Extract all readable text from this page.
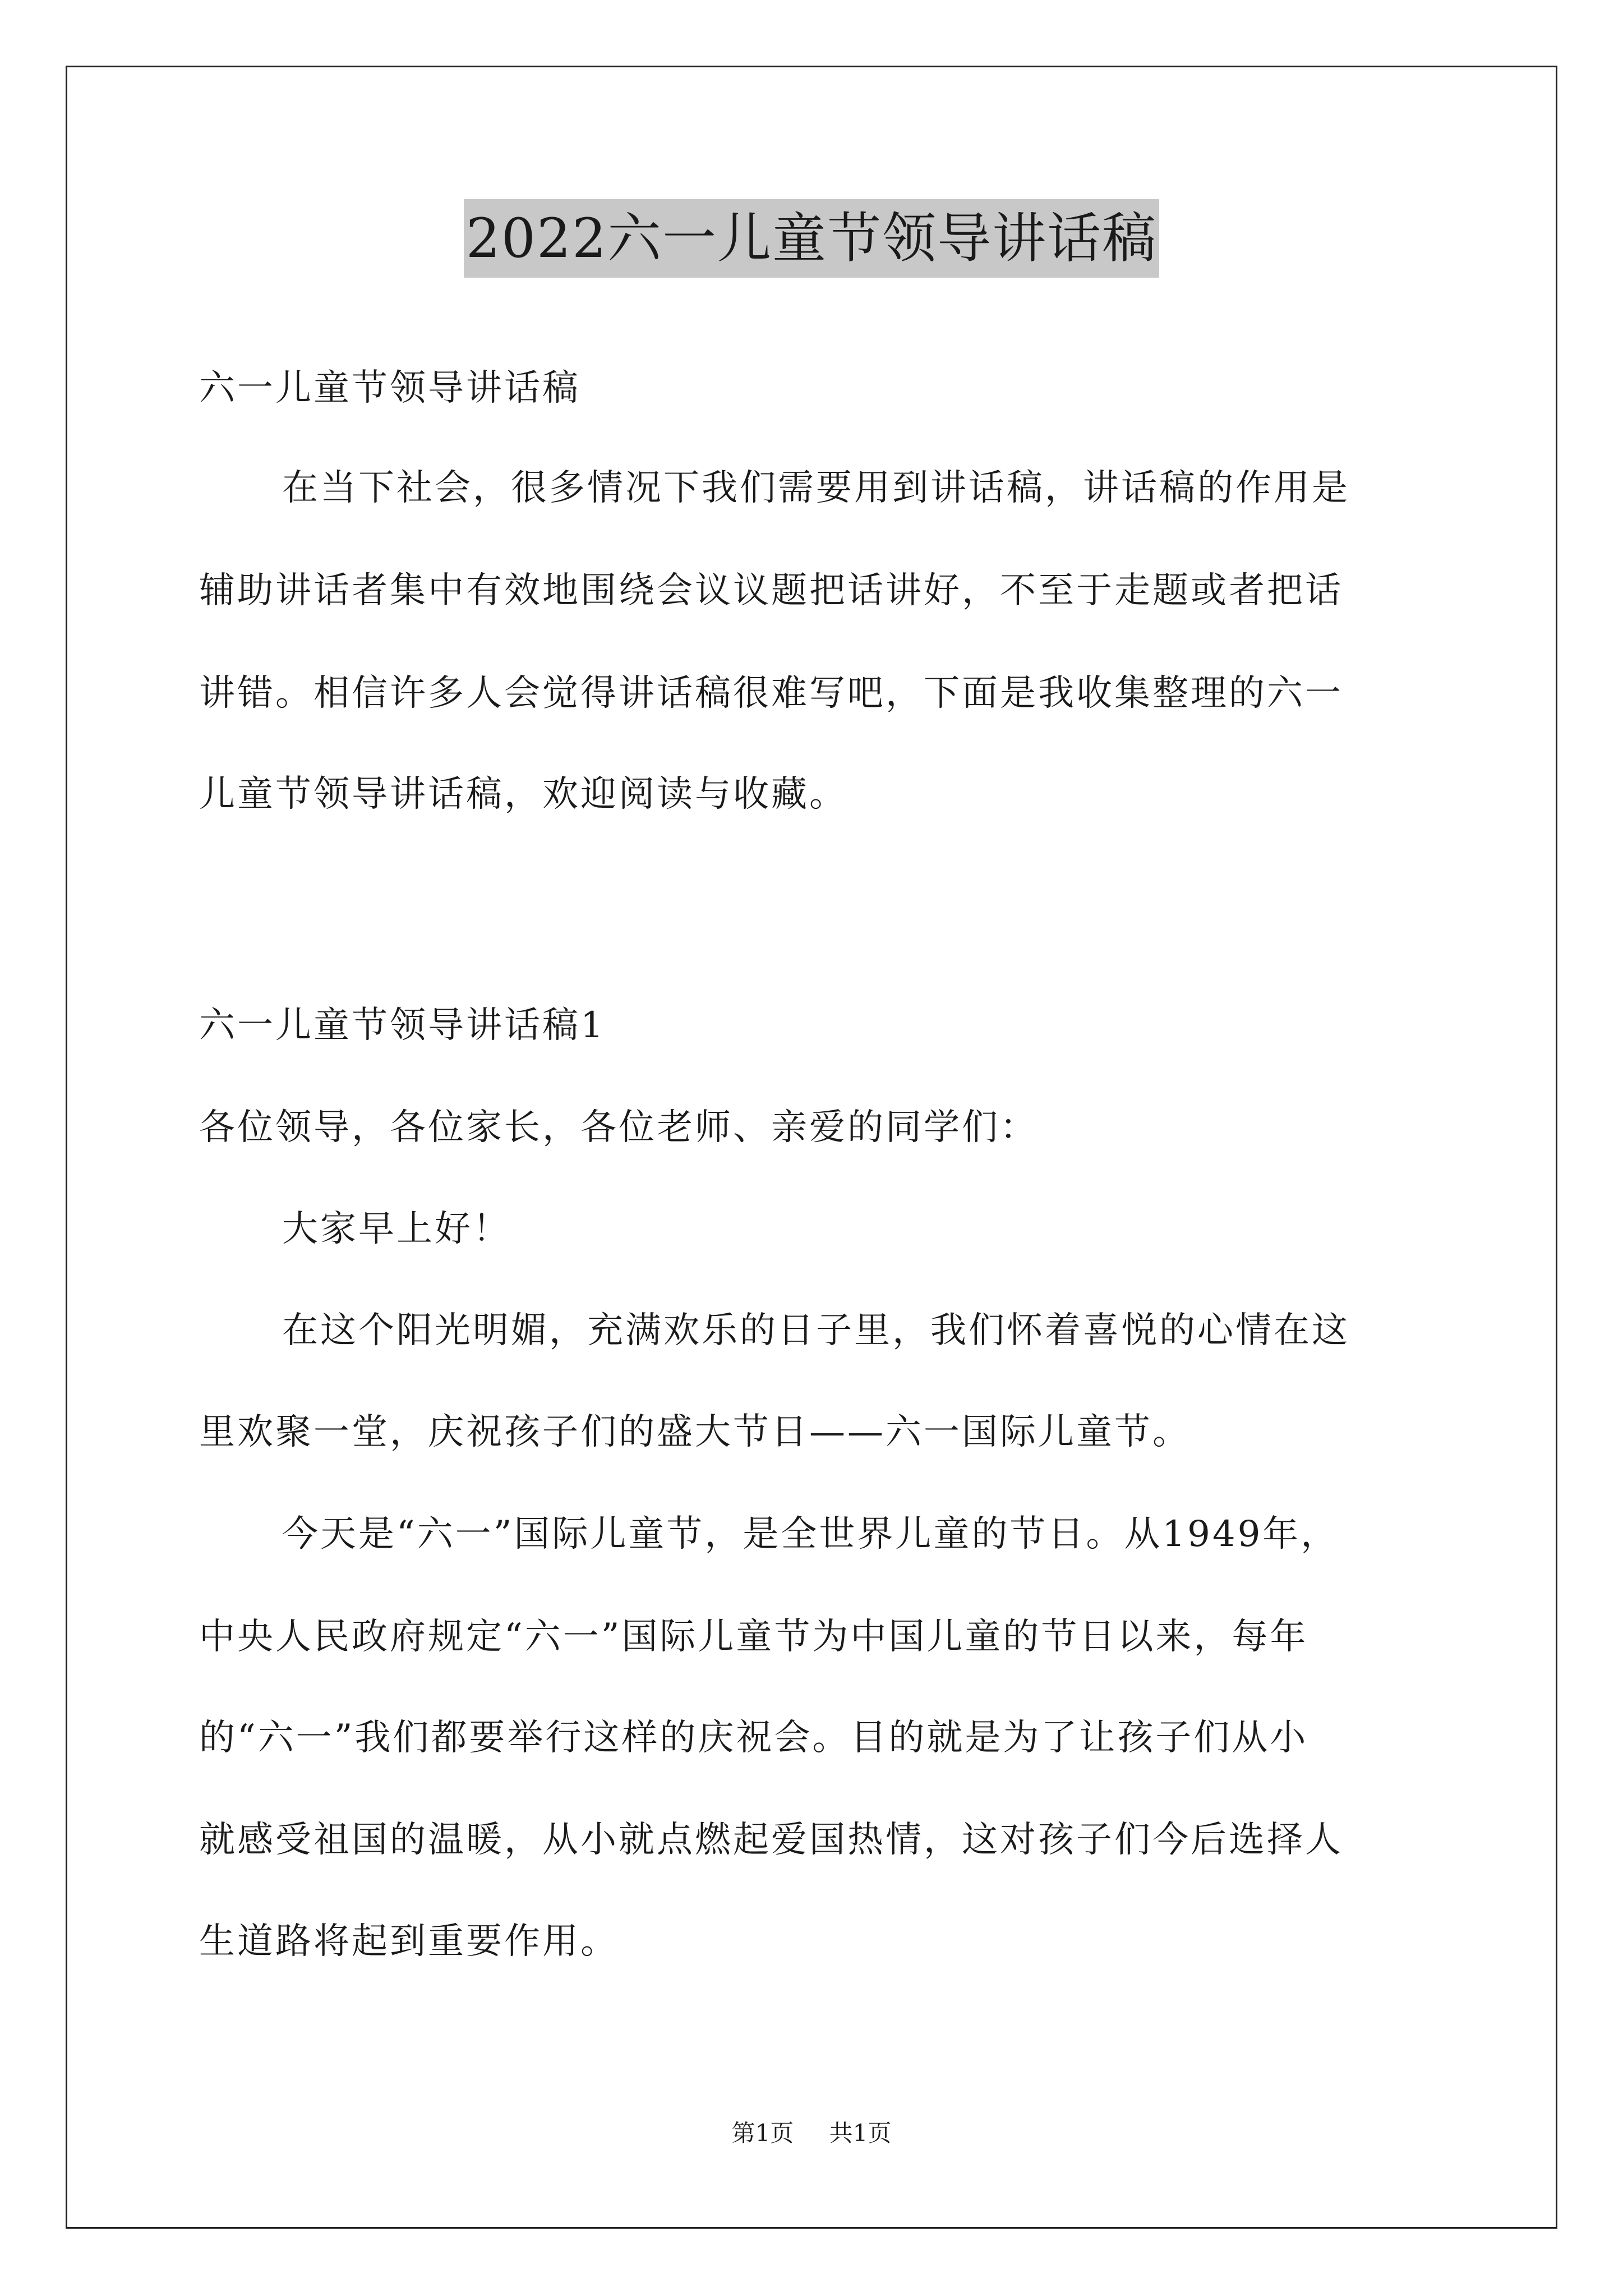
2022六一儿童节领导讲话稿
六一儿童节领导讲话稿
在当下社会，很多情况下我们需要用到讲话稿，讲话稿的作用是
辅助讲话者集中有效地围绕会议议题把话讲好，不至于走题或者把话
讲错。相信许多人会觉得讲话稿很难写吧，下面是我收集整理的六一
儿童节领导讲话稿，欢迎阅读与收藏。
六一儿童节领导讲话稿1
各位领导，各位家长，各位老师、亲爱的同学们：
大家早上好！
在这个阳光明媚，充满欢乐的日子里，我们怀着喜悦的心情在这
里欢聚一堂，庆祝孩子们的盛大节日——六一国际儿童节。
今天是“六一”国际儿童节，是全世界儿童的节日。从1949年，
中央人民政府规定“六一”国际儿童节为中国儿童的节日以来，每年
的“六一”我们都要举行这样的庆祝会。目的就是为了让孩子们从小
就感受祖国的温暖，从小就点燃起爱国热情，这对孩子们今后选择人
生道路将起到重要作用。
第1页 共1页
